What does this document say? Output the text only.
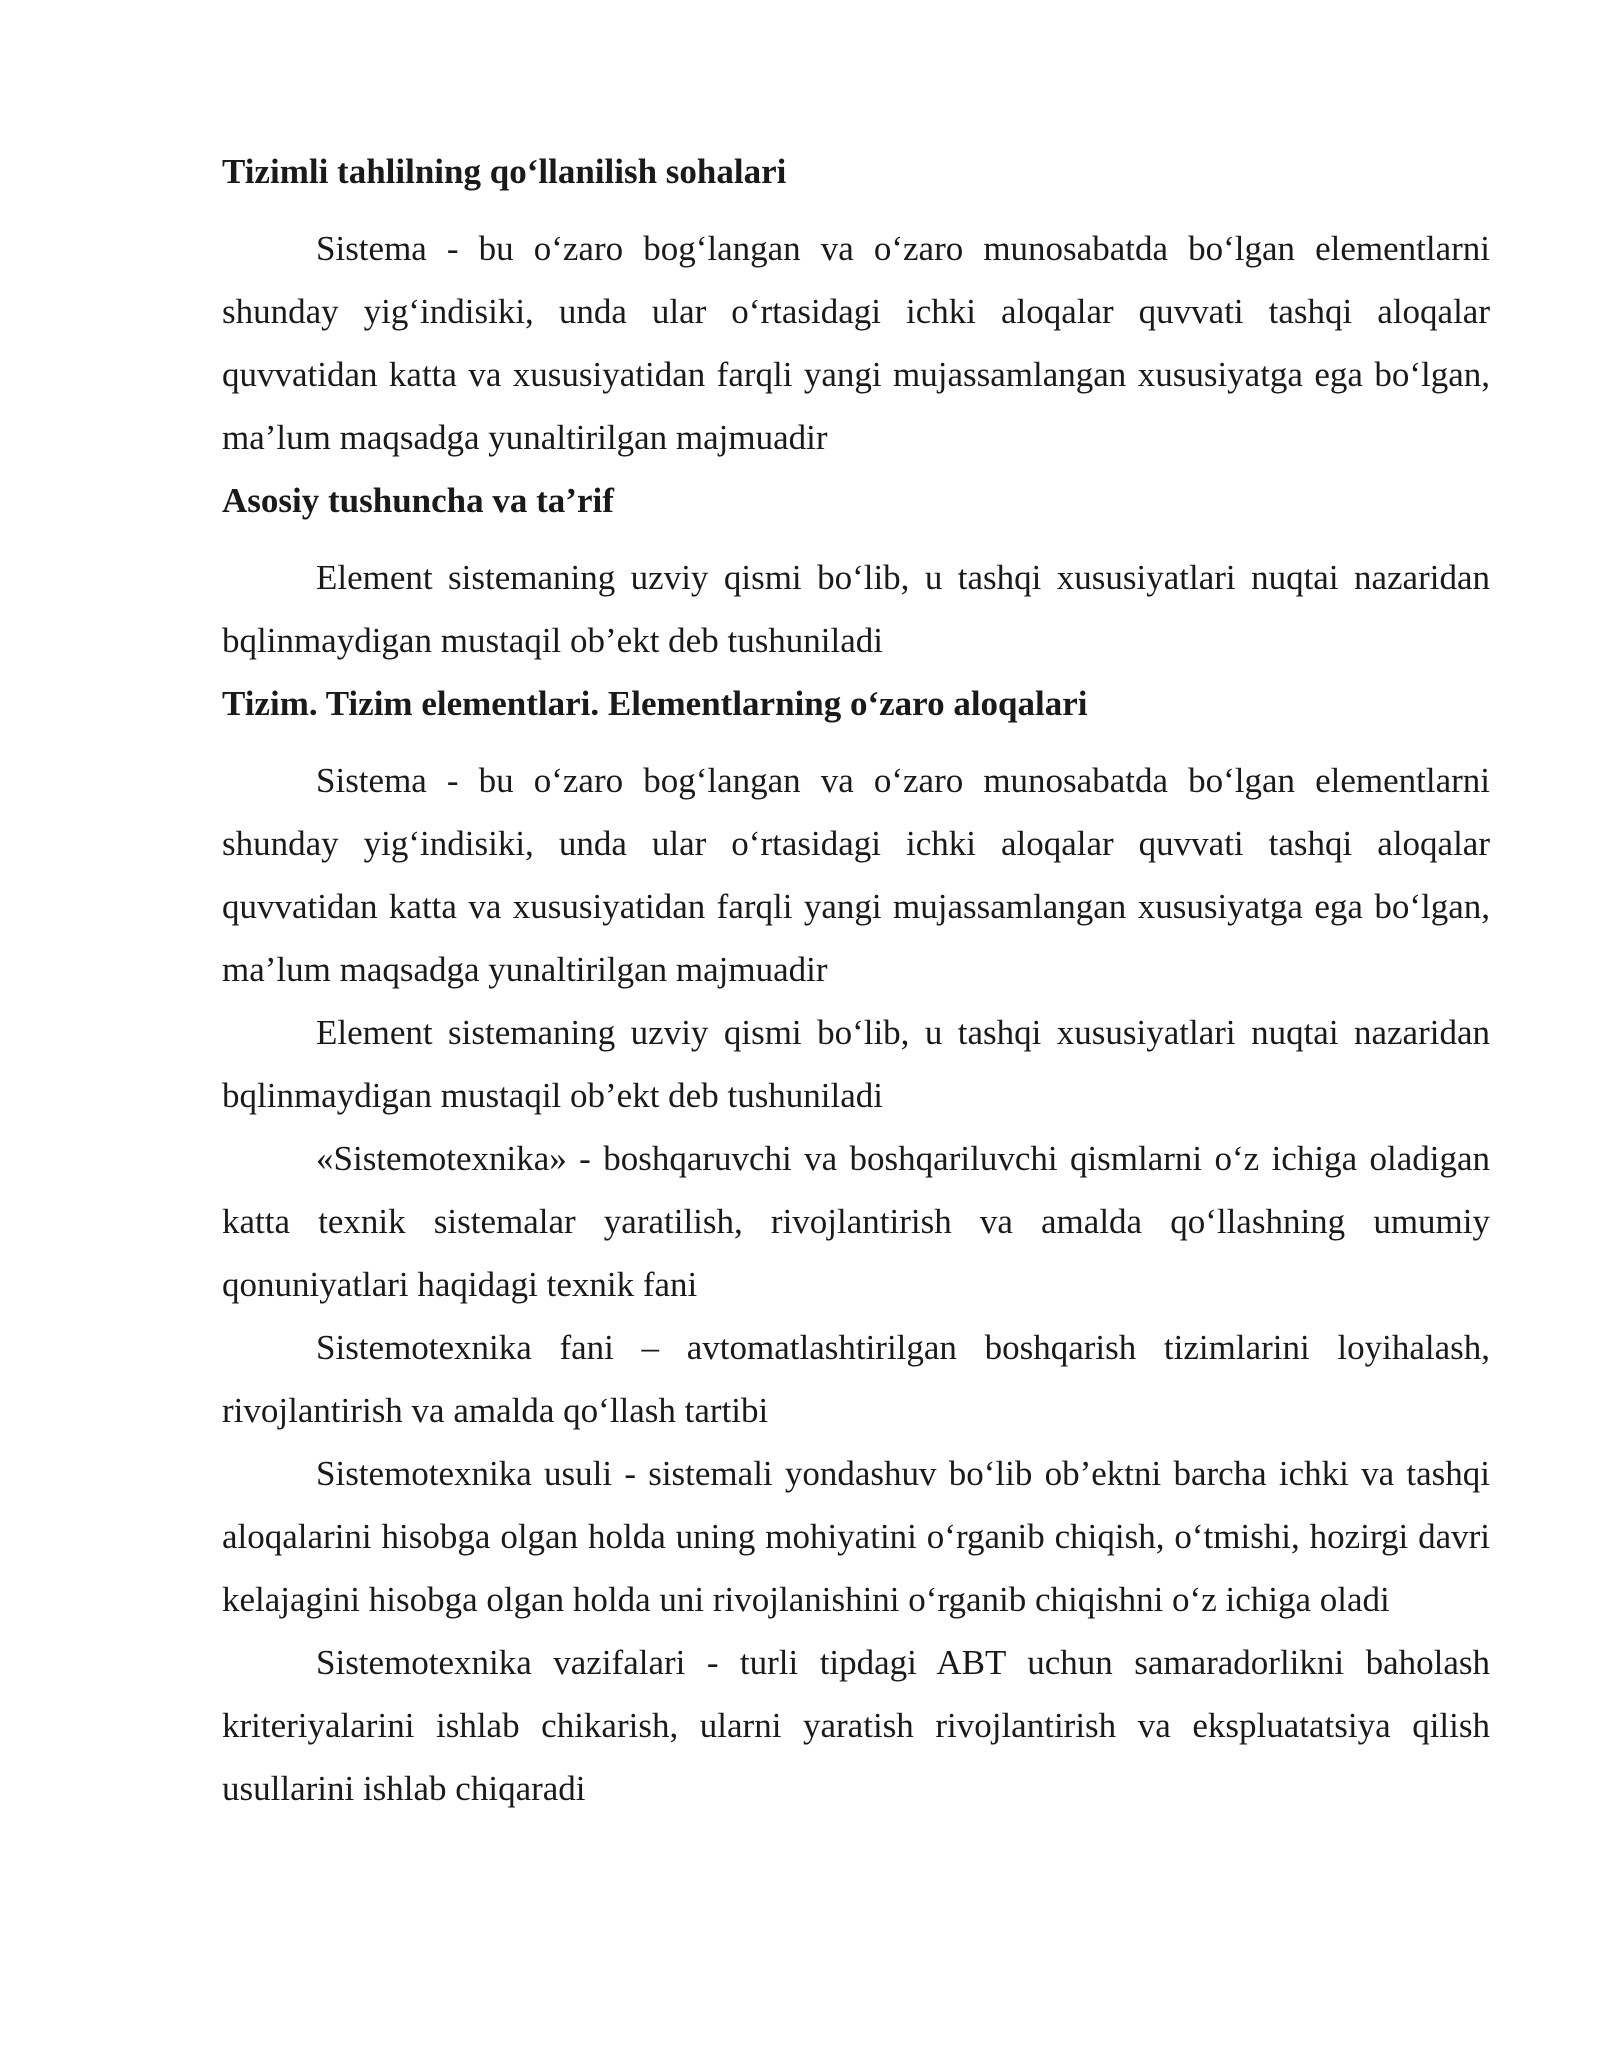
Tizimli tahlilning qo‘llanilish sohalari

Sistema - bu o‘zaro bog‘langan va o‘zaro munosabatda bo‘lgan elementlarni shunday yig‘indisiki, unda ular o‘rtasidagi ichki aloqalar quvvati tashqi aloqalar quvvatidan katta va xususiyatidan farqli yangi mujassamlangan xususiyatga ega bo‘lgan, ma’lum maqsadga yunaltirilgan majmuadir

Asosiy tushuncha va ta’rif

Element sistemaning uzviy qismi bo‘lib, u tashqi xususiyatlari nuqtai nazaridan bqlinmaydigan mustaqil ob’ekt deb tushuniladi

Tizim. Tizim elementlari. Elementlarning o‘zaro aloqalari

Sistema - bu o‘zaro bog‘langan va o‘zaro munosabatda bo‘lgan elementlarni shunday yig‘indisiki, unda ular o‘rtasidagi ichki aloqalar quvvati tashqi aloqalar quvvatidan katta va xususiyatidan farqli yangi mujassamlangan xususiyatga ega bo‘lgan, ma’lum maqsadga yunaltirilgan majmuadir

Element sistemaning uzviy qismi bo‘lib, u tashqi xususiyatlari nuqtai nazaridan bqlinmaydigan mustaqil ob’ekt deb tushuniladi

«Sistemotexnika» - boshqaruvchi va boshqariluvchi qismlarni o‘z ichiga oladigan katta texnik sistemalar yaratilish, rivojlantirish va amalda qo‘llashning umumiy qonuniyatlari haqidagi texnik fani

Sistemotexnika fani – avtomatlashtirilgan boshqarish tizimlarini loyihalash, rivojlantirish va amalda qo‘llash tartibi

Sistemotexnika usuli - sistemali yondashuv bo‘lib ob’ektni barcha ichki va tashqi aloqalarini hisobga olgan holda uning mohiyatini o‘rganib chiqish, o‘tmishi, hozirgi davri kelajagini hisobga olgan holda uni rivojlanishini o‘rganib chiqishni o‘z ichiga oladi

Sistemotexnika vazifalari - turli tipdagi ABT uchun samaradorlikni baholash kriteriyalarini ishlab chikarish, ularni yaratish rivojlantirish va ekspluatatsiya qilish usullarini ishlab chiqaradi
